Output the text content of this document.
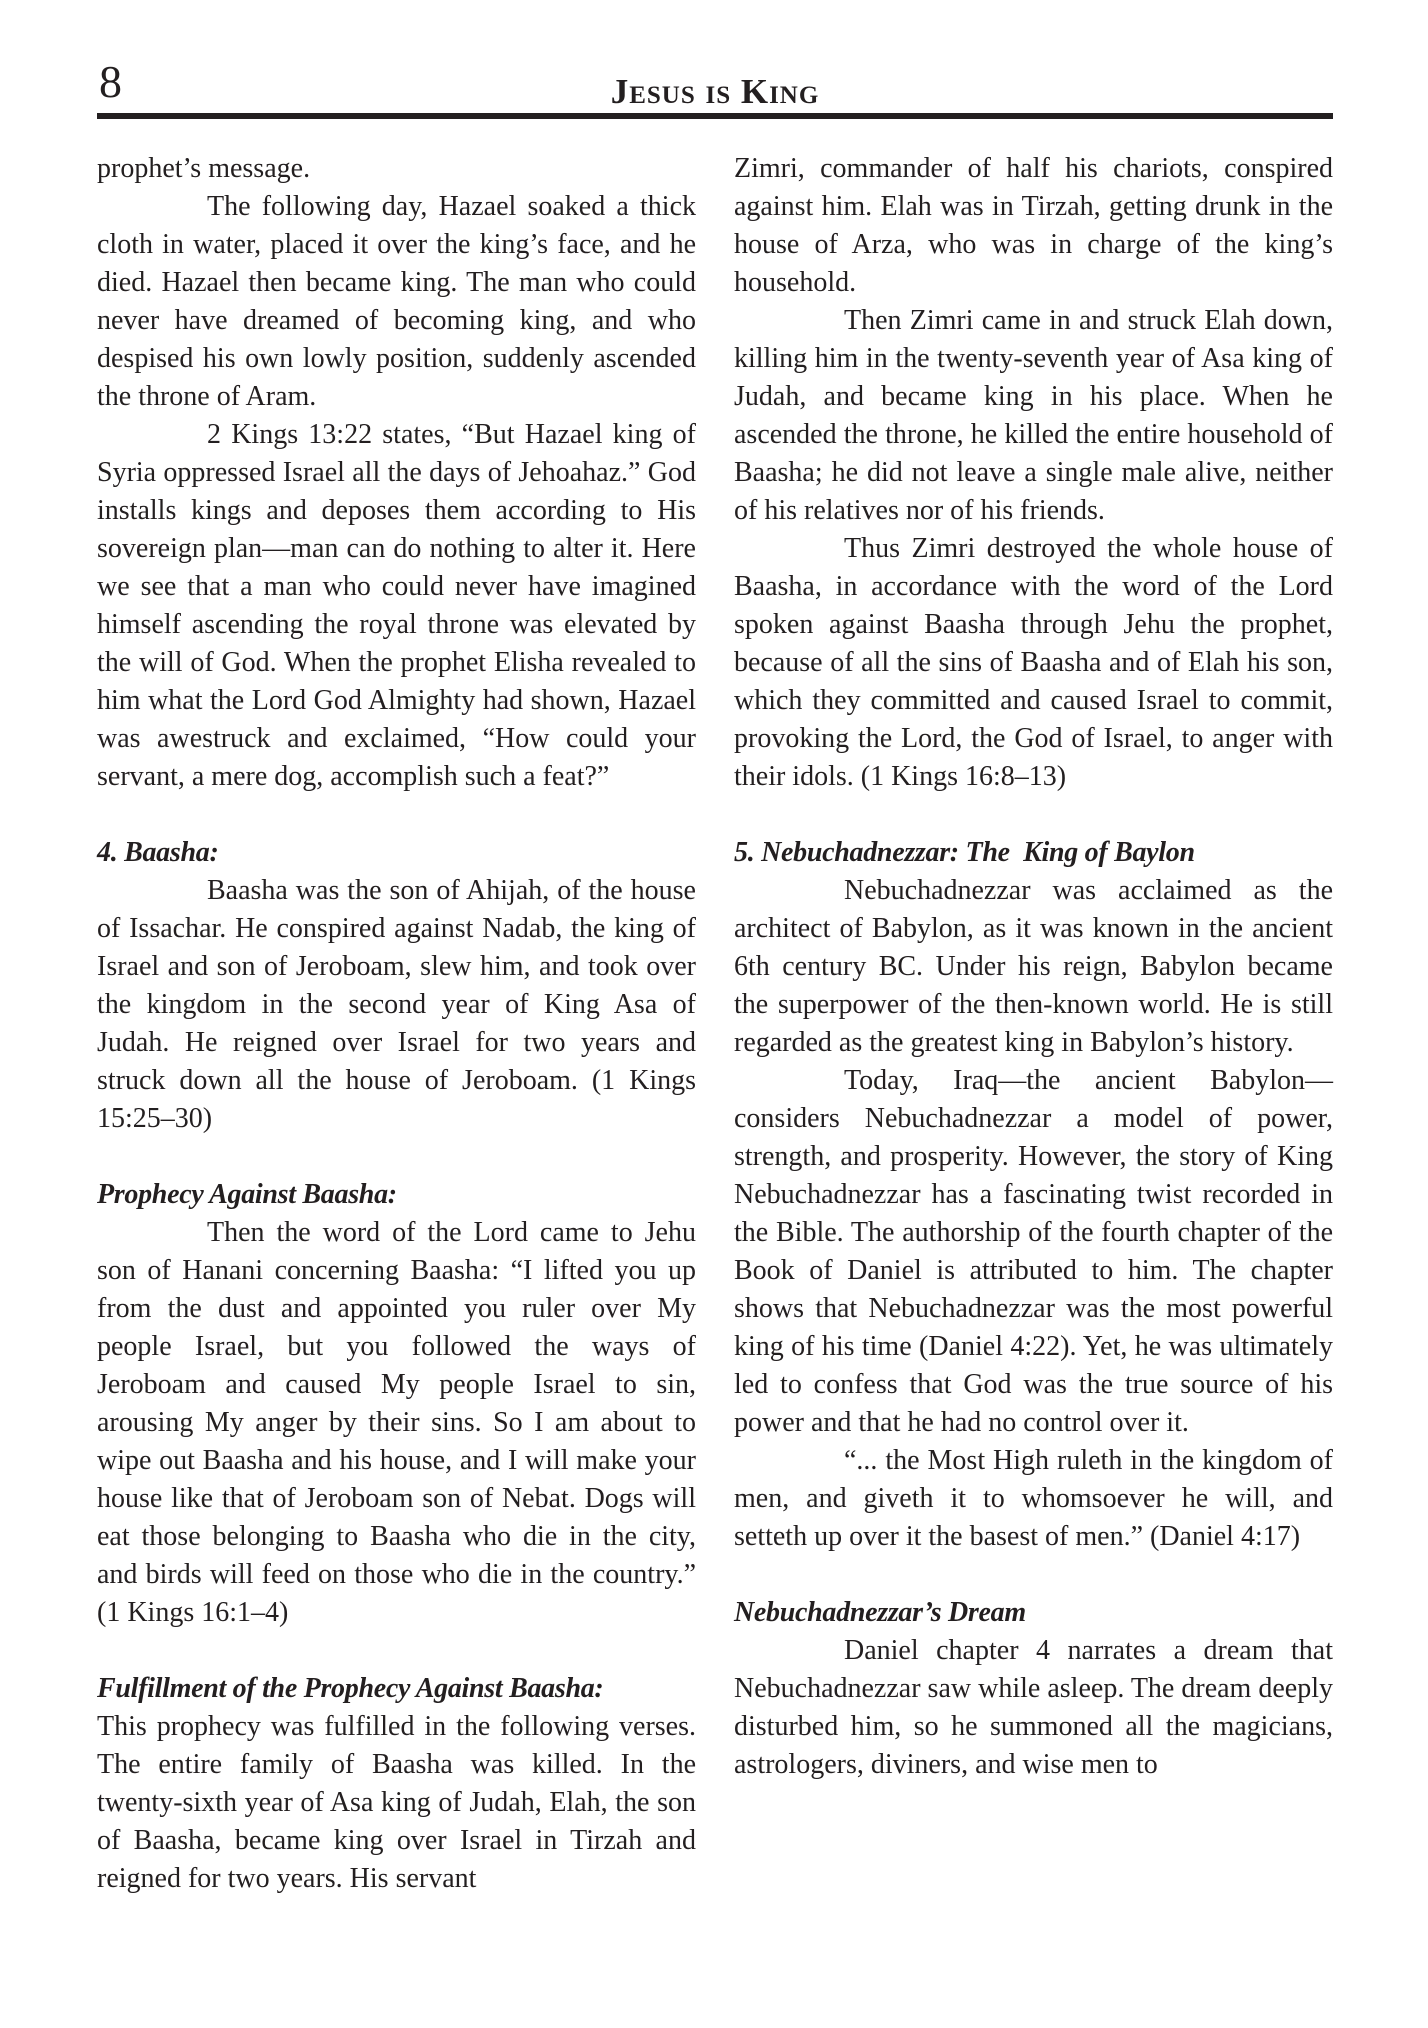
8	Jesus is King

prophet’s message.

The following day, Hazael soaked a thick cloth in water, placed it over the king’s face, and he died. Hazael then became king. The man who could never have dreamed of becoming king, and who despised his own lowly position, suddenly ascended the throne of Aram.

2 Kings 13:22 states, “But Hazael king of Syria oppressed Israel all the days of Jehoahaz.” God installs kings and deposes them according to His sovereign plan—man can do nothing to alter it. Here we see that a man who could never have imagined himself ascending the royal throne was elevated by the will of God. When the prophet Elisha revealed to him what the Lord God Almighty had shown, Hazael was awestruck and exclaimed, “How could your servant, a mere dog, accomplish such a feat?”

4. Baasha:

Baasha was the son of Ahijah, of the house of Issachar. He conspired against Nadab, the king of Israel and son of Jeroboam, slew him, and took over the kingdom in the second year of King Asa of Judah. He reigned over Israel for two years and struck down all the house of Jeroboam. (1 Kings 15:25–30)

Prophecy Against Baasha:

Then the word of the Lord came to Jehu son of Hanani concerning Baasha: “I lifted you up from the dust and appointed you ruler over My people Israel, but you followed the ways of Jeroboam and caused My people Israel to sin, arousing My anger by their sins. So I am about to wipe out Baasha and his house, and I will make your house like that of Jeroboam son of Nebat. Dogs will eat those belonging to Baasha who die in the city, and birds will feed on those who die in the country.” (1 Kings 16:1–4)

Fulfillment of the Prophecy Against Baasha:

This prophecy was fulfilled in the following verses. The entire family of Baasha was killed. In the twenty-sixth year of Asa king of Judah, Elah, the son of Baasha, became king over Israel in Tirzah and reigned for two years. His servant

Zimri, commander of half his chariots, conspired against him. Elah was in Tirzah, getting drunk in the house of Arza, who was in charge of the king’s household.

Then Zimri came in and struck Elah down, killing him in the twenty-seventh year of Asa king of Judah, and became king in his place. When he ascended the throne, he killed the entire household of Baasha; he did not leave a single male alive, neither of his relatives nor of his friends.

Thus Zimri destroyed the whole house of Baasha, in accordance with the word of the Lord spoken against Baasha through Jehu the prophet, because of all the sins of Baasha and of Elah his son, which they committed and caused Israel to commit, provoking the Lord, the God of Israel, to anger with their idols. (1 Kings 16:8–13)

5. Nebuchadnezzar: The  King of Baylon

Nebuchadnezzar was acclaimed as the architect of Babylon, as it was known in the ancient 6th century BC. Under his reign, Babylon became the superpower of the then-known world. He is still regarded as the greatest king in Babylon’s history.

Today, Iraq—the ancient Babylon—considers Nebuchadnezzar a model of power, strength, and prosperity. However, the story of King Nebuchadnezzar has a fascinating twist recorded in the Bible. The authorship of the fourth chapter of the Book of Daniel is attributed to him. The chapter shows that Nebuchadnezzar was the most powerful king of his time (Daniel 4:22). Yet, he was ultimately led to confess that God was the true source of his power and that he had no control over it.

“... the Most High ruleth in the kingdom of men, and giveth it to whomsoever he will, and setteth up over it the basest of men.” (Daniel 4:17)

Nebuchadnezzar’s Dream

Daniel chapter 4 narrates a dream that Nebuchadnezzar saw while asleep. The dream deeply disturbed him, so he summoned all the magicians, astrologers, diviners, and wise men to
